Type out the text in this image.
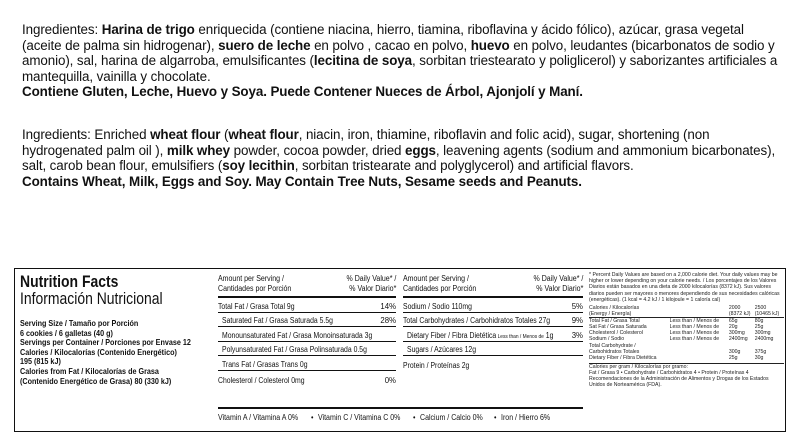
Ingredientes: Harina de trigo enriquecida (contiene niacina, hierro, tiamina, riboflavina y ácido fólico), azúcar, grasa vegetal (aceite de palma sin hidrogenar), suero de leche en polvo , cacao en polvo, huevo en polvo, leudantes (bicarbonatos de sodio y amonio), sal, harina de algarroba, emulsificantes (lecitina de soya, sorbitan triestearato y poliglicerol) y saborizantes artificiales a mantequilla, vainilla y chocolate.
Contiene Gluten, Leche, Huevo y Soya. Puede Contener Nueces de Árbol, Ajonjolí y Maní.
Ingredients: Enriched wheat flour (wheat flour, niacin, iron, thiamine, riboflavin and folic acid), sugar, shortening (non hydrogenated palm oil ), milk whey powder, cocoa powder, dried eggs, leavening agents (sodium and ammonium bicarbonates), salt, carob bean flour, emulsifiers (soy lecithin, sorbitan tristearate and polyglycerol) and artificial flavors.
Contains Wheat, Milk, Eggs and Soy. May Contain Tree Nuts, Sesame seeds and Peanuts.
Nutrition Facts
Información Nutricional
Serving Size / Tamaño por Porción
6 cookies / 6 galletas (40 g)
Servings per Container / Porciones por Envase 12
Calories / Kilocalorías (Contenido Energético)
195 (815 kJ)
Calories from Fat / Kilocalorías de Grasa
(Contenido Energético de Grasa) 80 (330 kJ)
Amount per Serving /
Cantidades por Porción
% Daily Value* /
% Valor Diario*
Total Fat / Grasa Total 9g	14%
Saturated Fat / Grasa Saturada 5.5g	28%
Monounsaturated Fat / Grasa Monoinsaturada 3g
Polyunsaturated Fat / Grasa Polinsaturada 0.5g
Trans Fat / Grasas Trans 0g
Cholesterol / Colesterol 0mg	0%
Amount per Serving /
Cantidades por Porción
% Daily Value* /
% Valor Diario*
Sodium / Sodio 110mg	5%
Total Carbohydrates / Carbohidratos Totales 27g	9%
Dietary Fiber / Fibra Dietética Less than / Menos de 1g 3%
Sugars / Azúcares 12g
Protein / Proteínas 2g
Vitamin A / Vitamina A 0% • Vitamin C / Vitamina C 0% • Calcium / Calcio 0% • Iron / Hierro 6%
* Percent Daily Values are based on a 2,000 calorie diet. Your daily values may be higher or lower depending on your calorie needs. / Los porcentajes de los Valores Diarios están basados en una dieta de 2000 kilocalorías (8372 kJ). Sus valores diarios pueden ser mayores o menores dependiendo de sus necesidades calóricas (energéticas). (1 kcal = 4.2 kJ / 1 kilojoule = 1 caloría cal)
Calories / Kilocalorías		2000	2500
(Energy / Energía)		(8372 kJ)	(10465 kJ)
Total Fat / Grasa Total	Less than / Menos de	65g	80g
Sat Fat / Grasa Saturada	Less than / Menos de	20g	25g
Cholesterol / Colesterol	Less than / Menos de	300mg	300mg
Sodium / Sodio	Less than / Menos de	2400mg	2400mg
Total Carbohydrate /			
Carbohidratos Totales		300g	375g
Dietary Fiber / Fibra Dietética		25g	30g
Calories per gram / Kilocalorías por gramo:
Fat / Grasa 9 • Carbohydrate / Carbohidratos 4 • Protein / Proteínas 4
Recomendaciones de la Administración de Alimentos y Drogas de los Estados Unidos de Norteamérica (FDA).
